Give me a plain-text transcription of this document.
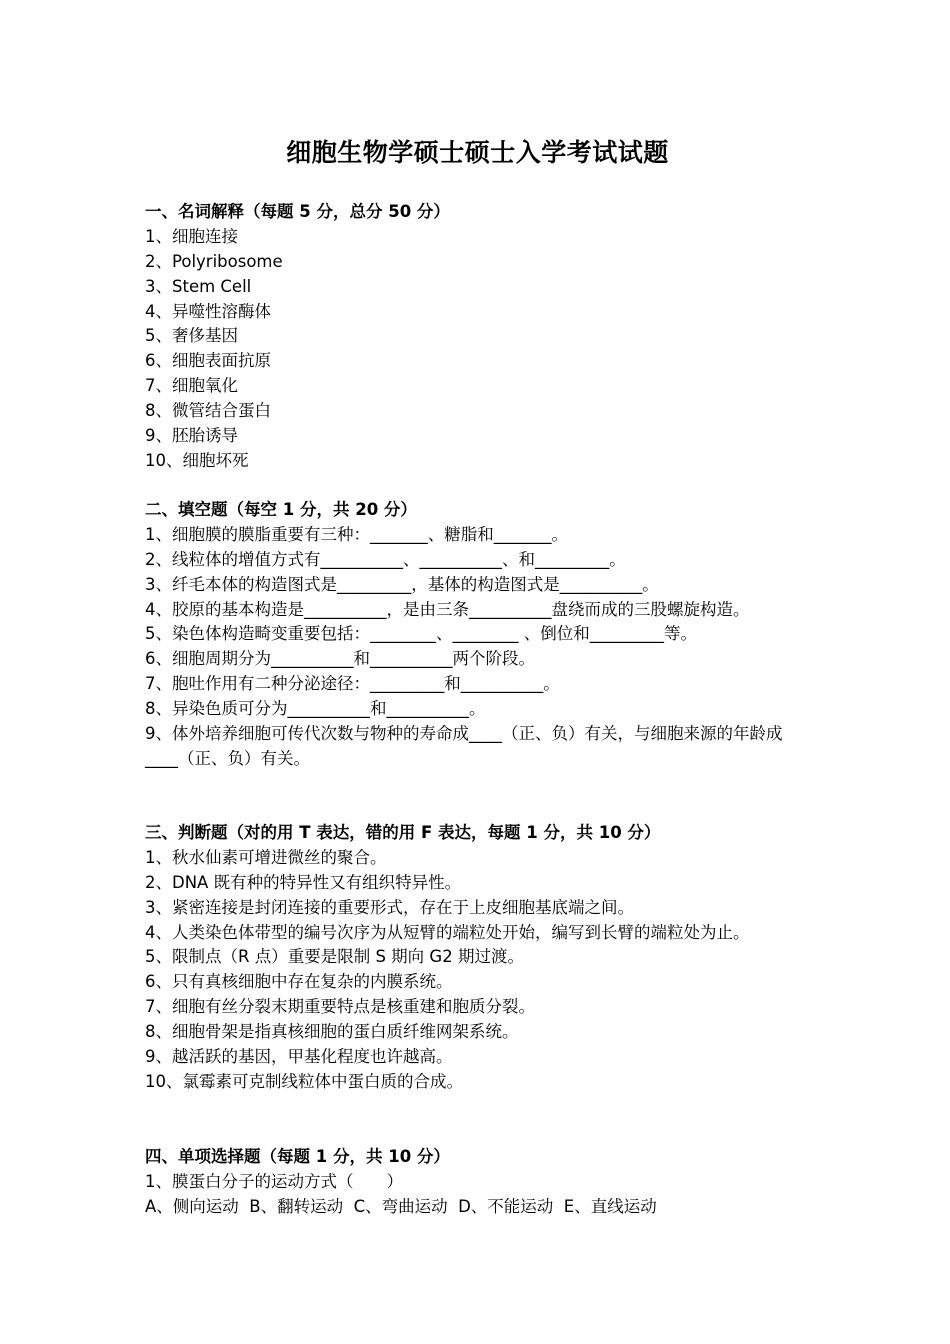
细胞生物学硕士硕士入学考试试题
一、名词解释（每题 5 分，总分 50 分）
1、细胞连接
2、Polyribosome
3、Stem Cell
4、异噬性溶酶体
5、奢侈基因
6、细胞表面抗原
7、细胞氧化
8、微管结合蛋白
9、胚胎诱导
10、细胞坏死
二、填空题（每空 1 分，共 20 分）
1、细胞膜的膜脂重要有三种：_______、糖脂和_______。
2、线粒体的增值方式有__________、__________、和_________。
3、纤毛本体的构造图式是_________，基体的构造图式是__________。
4、胶原的基本构造是__________，是由三条__________盘绕而成的三股螺旋构造。
5、染色体构造畸变重要包括：________、________ 、倒位和_________等。
6、细胞周期分为__________和__________两个阶段。
7、胞吐作用有二种分泌途径：_________和__________。
8、异染色质可分为__________和__________。
9、体外培养细胞可传代次数与物种的寿命成____（正、负）有关，与细胞来源的年龄成____（正、负）有关。
三、判断题（对的用 T 表达，错的用 F 表达，每题 1 分，共 10 分）
1、秋水仙素可增进微丝的聚合。
2、DNA 既有种的特异性又有组织特异性。
3、紧密连接是封闭连接的重要形式，存在于上皮细胞基底端之间。
4、人类染色体带型的编号次序为从短臂的端粒处开始，编写到长臂的端粒处为止。
5、限制点（R 点）重要是限制 S 期向 G2 期过渡。
6、只有真核细胞中存在复杂的内膜系统。
7、细胞有丝分裂末期重要特点是核重建和胞质分裂。
8、细胞骨架是指真核细胞的蛋白质纤维网架系统。
9、越活跃的基因，甲基化程度也许越高。
10、氯霉素可克制线粒体中蛋白质的合成。
四、单项选择题（每题 1 分，共 10 分）
1、膜蛋白分子的运动方式（　　）
A、侧向运动  B、翻转运动  C、弯曲运动  D、不能运动  E、直线运动
